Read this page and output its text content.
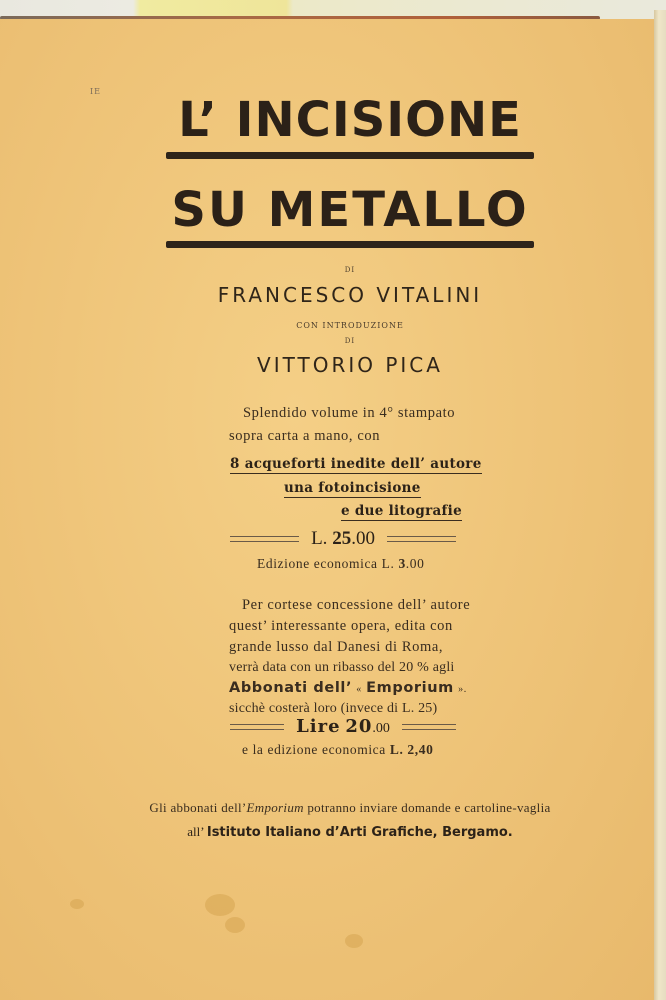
IE
L’ INCISIONE
SU METALLO
DI
FRANCESCO VITALINI
CON INTRODUZIONE
DI
VITTORIO PICA
Splendido volume in 4° stampato
sopra carta a mano, con
8 acqueforti inedite dell’ autore
una fotoincisione
e due litografie
L. 25.00
Edizione economica L. 3.00
Per cortese concessione dell’ autore
quest’ interessante opera, edita con
grande lusso dal Danesi di Roma,
verrà data con un ribasso del 20 % agli
Abbonati dell’ « Emporium ».
sicchè costerà loro (invece di L. 25)
Lire 20.00
e la edizione economica L. 2,40
Gli abbonati dell’Emporium potranno inviare domande e cartoline-vaglia
all’ Istituto Italiano d’Arti Grafiche, Bergamo.
